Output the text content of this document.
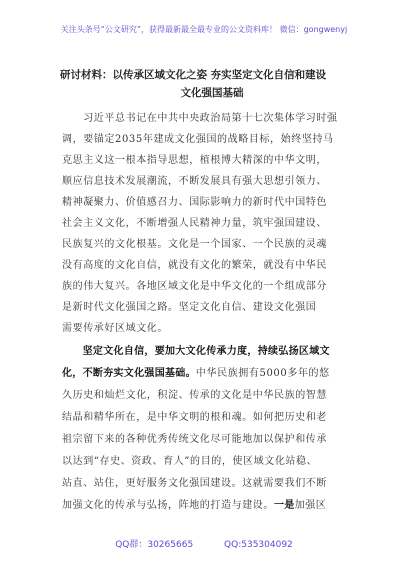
关注头条号“公文研究”，获得最新最全最专业的公文资料库！ 微信：gongwenyj
研讨材料：以传承区域文化之姿 夯实坚定文化自信和建设
文化强国基础
　　习近平总书记在中共中央政治局第十七次集体学习时强
调，要锚定2035年建成文化强国的战略目标，始终坚持马
克思主义这一根本指导思想，植根博大精深的中华文明，
顺应信息技术发展潮流，不断发展具有强大思想引领力、
精神凝聚力、价值感召力、国际影响力的新时代中国特色
社会主义文化，不断增强人民精神力量，筑牢强国建设、
民族复兴的文化根基。文化是一个国家、一个民族的灵魂
没有高度的文化自信，就没有文化的繁荣，就没有中华民
族的伟大复兴。各地区域文化是中华文化的一个组成部分
是新时代文化强国之路。坚定文化自信、建设文化强国
需要传承好区域文化。
　　坚定文化自信，要加大文化传承力度，持续弘扬区域文
化，不断夯实文化强国基础。中华民族拥有5000多年的悠
久历史和灿烂文化，积淀、传承的文化是中华民族的智慧
结晶和精华所在，是中华文明的根和魂。如何把历史和老
祖宗留下来的各种优秀传统文化尽可能地加以保护和传承
以达到“存史、资政、育人”的目的，使区域文化站稳、
站直、站住，更好服务文化强国建设。这就需要我们不断
加强文化的传承与弘扬，阵地的打造与建设。一是加强区
QQ群：30265665	QQ:535304092
